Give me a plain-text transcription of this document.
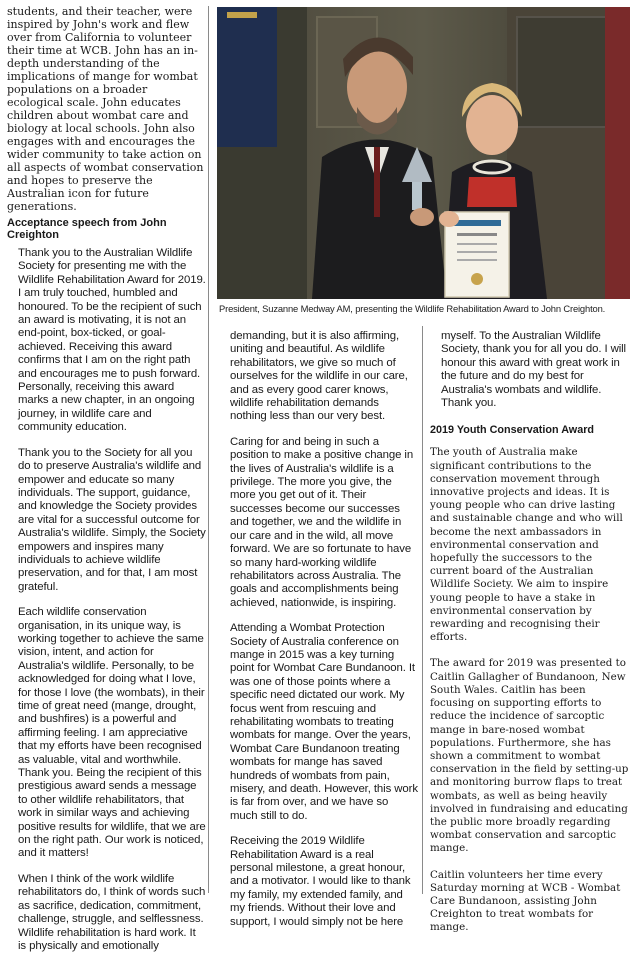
students, and their teacher, were inspired by John's work and flew over from California to volunteer their time at WCB. John has an in-depth understanding of the implications of mange for wombat populations on a broader ecological scale. John educates children about wombat care and biology at local schools. John also engages with and encourages the wider community to take action on all aspects of wombat conservation and hopes to preserve the Australian icon for future generations.

Acceptance speech from John Creighton

Thank you to the Australian Wildlife Society for presenting me with the Wildlife Rehabilitation Award for 2019. I am truly touched, humbled and honoured. To be the recipient of such an award is motivating, it is not an end-point, box-ticked, or goal-achieved. Receiving this award confirms that I am on the right path and encourages me to push forward. Personally, receiving this award marks a new chapter, in an ongoing journey, in wildlife care and community education.

Thank you to the Society for all you do to preserve Australia's wildlife and empower and educate so many individuals. The support, guidance, and knowledge the Society provides are vital for a successful outcome for Australia's wildlife. Simply, the Society empowers and inspires many individuals to achieve wildlife preservation, and for that, I am most grateful.

Each wildlife conservation organisation, in its unique way, is working together to achieve the same vision, intent, and action for Australia's wildlife. Personally, to be acknowledged for doing what I love, for those I love (the wombats), in their time of great need (mange, drought, and bushfires) is a powerful and affirming feeling. I am appreciative that my efforts have been recognised as valuable, vital and worthwhile. Thank you. Being the recipient of this prestigious award sends a message to other wildlife rehabilitators, that work in similar ways and achieving positive results for wildlife, that we are on the right path. Our work is noticed, and it matters!

When I think of the work wildlife rehabilitators do, I think of words such as sacrifice, dedication, commitment, challenge, struggle, and selflessness. Wildlife rehabilitation is hard work. It is physically and emotionally

President, Suzanne Medway AM, presenting the Wildlife Rehabilitation Award to John Creighton.

demanding, but it is also affirming, uniting and beautiful. As wildlife rehabilitators, we give so much of ourselves for the wildlife in our care, and as every good carer knows, wildlife rehabilitation demands nothing less than our very best.

Caring for and being in such a position to make a positive change in the lives of Australia's wildlife is a privilege. The more you give, the more you get out of it. Their successes become our successes and together, we and the wildlife in our care and in the wild, all move forward. We are so fortunate to have so many hard-working wildlife rehabilitators across Australia. The goals and accomplishments being achieved, nationwide, is inspiring.

Attending a Wombat Protection Society of Australia conference on mange in 2015 was a key turning point for Wombat Care Bundanoon. It was one of those points where a specific need dictated our work. My focus went from rescuing and rehabilitating wombats to treating wombats for mange. Over the years, Wombat Care Bundanoon treating wombats for mange has saved hundreds of wombats from pain, misery, and death. However, this work is far from over, and we have so much still to do.

Receiving the 2019 Wildlife Rehabilitation Award is a real personal milestone, a great honour, and a motivator. I would like to thank my family, my extended family, and my friends. Without their love and support, I would simply not be here

myself. To the Australian Wildlife Society, thank you for all you do. I will honour this award with great work in the future and do my best for Australia's wombats and wildlife. Thank you.

2019 Youth Conservation Award

The youth of Australia make significant contributions to the conservation movement through innovative projects and ideas. It is young people who can drive lasting and sustainable change and who will become the next ambassadors in environmental conservation and hopefully the successors to the current board of the Australian Wildlife Society. We aim to inspire young people to have a stake in environmental conservation by rewarding and recognising their efforts.

The award for 2019 was presented to Caitlin Gallagher of Bundanoon, New South Wales. Caitlin has been focusing on supporting efforts to reduce the incidence of sarcoptic mange in bare-nosed wombat populations. Furthermore, she has shown a commitment to wombat conservation in the field by setting-up and monitoring burrow flaps to treat wombats, as well as being heavily involved in fundraising and educating the public more broadly regarding wombat conservation and sarcoptic mange.

Caitlin volunteers her time every Saturday morning at WCB - Wombat Care Bundanoon, assisting John Creighton to treat wombats for mange.
